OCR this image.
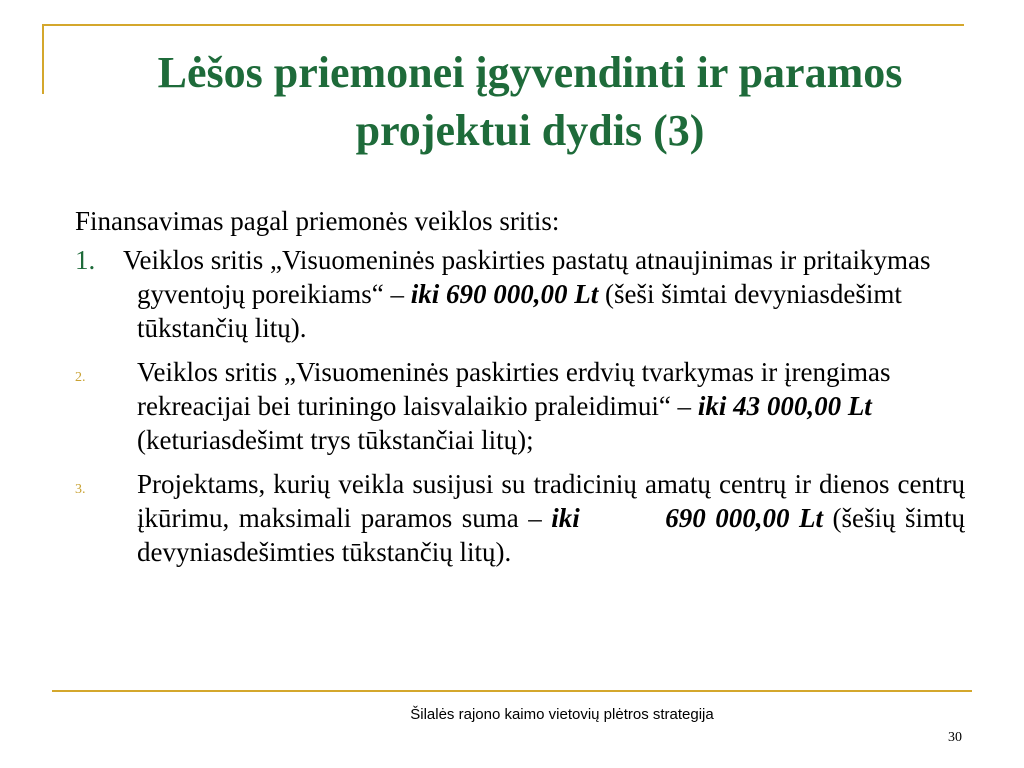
Lėšos priemonei įgyvendinti ir paramos
projektui dydis (3)

Finansavimas pagal priemonės veiklos sritis:

1. Veiklos sritis „Visuomeninės paskirties pastatų atnaujinimas ir pritaikymas gyventojų poreikiams“ – iki 690 000,00 Lt (šeši šimtai devyniasdešimt tūkstančių litų).
2. Veiklos sritis „Visuomeninės paskirties erdvių tvarkymas ir įrengimas rekreacijai bei turiningo laisvalaikio praleidimui“ – iki 43 000,00 Lt (keturiasdešimt trys tūkstančiai litų);
3. Projektams, kurių veikla susijusi su tradicinių amatų centrų ir dienos centrų įkūrimu, maksimali paramos suma – iki         690 000,00 Lt (šešių šimtų devyniasdešimties tūkstančių litų).
Šilalės rajono kaimo vietovių plėtros strategija
30
